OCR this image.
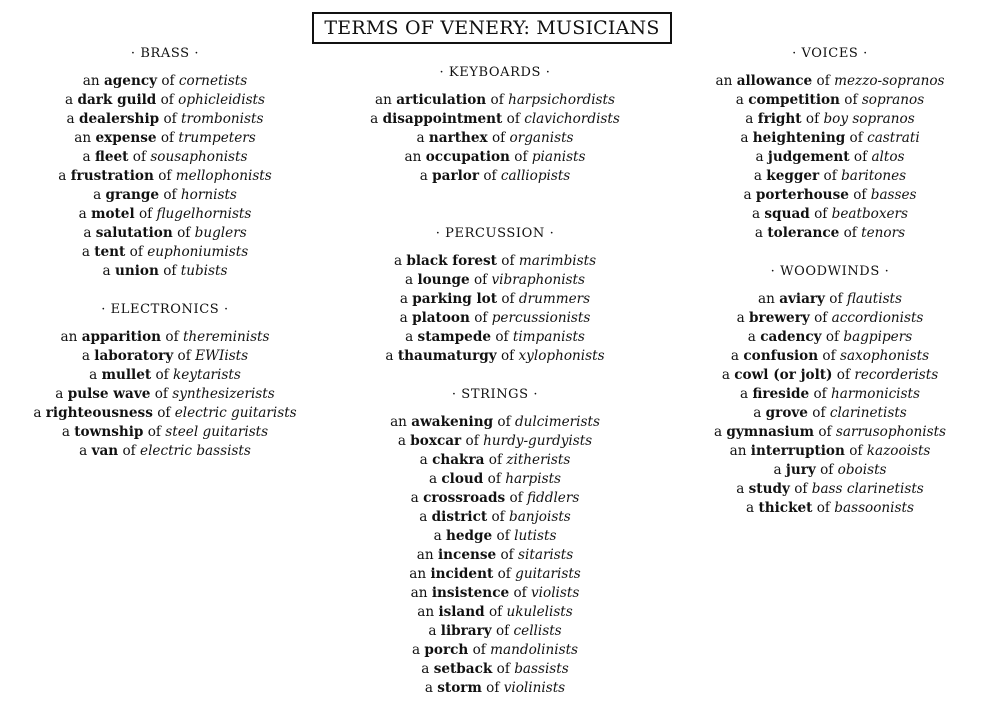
TERMS OF VENERY: MUSICIANS
· BRASS ·
an agency of cornetists
a dark guild of ophicleidists
a dealership of trombonists
an expense of trumpeters
a fleet of sousaphonists
a frustration of mellophonists
a grange of hornists
a motel of flugelhornists
a salutation of buglers
a tent of euphoniumists
a union of tubists
· ELECTRONICS ·
an apparition of thereminists
a laboratory of EWIists
a mullet of keytarists
a pulse wave of synthesizerists
a righteousness of electric guitarists
a township of steel guitarists
a van of electric bassists
· KEYBOARDS ·
an articulation of harpsichordists
a disappointment of clavichordists
a narthex of organists
an occupation of pianists
a parlor of calliopists
· PERCUSSION ·
a black forest of marimbists
a lounge of vibraphonists
a parking lot of drummers
a platoon of percussionists
a stampede of timpanists
a thaumaturgy of xylophonists
· STRINGS ·
an awakening of dulcimerists
a boxcar of hurdy-gurdyists
a chakra of zitherists
a cloud of harpists
a crossroads of fiddlers
a district of banjoists
a hedge of lutists
an incense of sitarists
an incident of guitarists
an insistence of violists
an island of ukulelists
a library of cellists
a porch of mandolinists
a setback of bassists
a storm of violinists
· VOICES ·
an allowance of mezzo-sopranos
a competition of sopranos
a fright of boy sopranos
a heightening of castrati
a judgement of altos
a kegger of baritones
a porterhouse of basses
a squad of beatboxers
a tolerance of tenors
· WOODWINDS ·
an aviary of flautists
a brewery of accordionists
a cadency of bagpipers
a confusion of saxophonists
a cowl (or jolt) of recorderists
a fireside of harmonicists
a grove of clarinetists
a gymnasium of sarrusophonists
an interruption of kazooists
a jury of oboists
a study of bass clarinetists
a thicket of bassoonists
